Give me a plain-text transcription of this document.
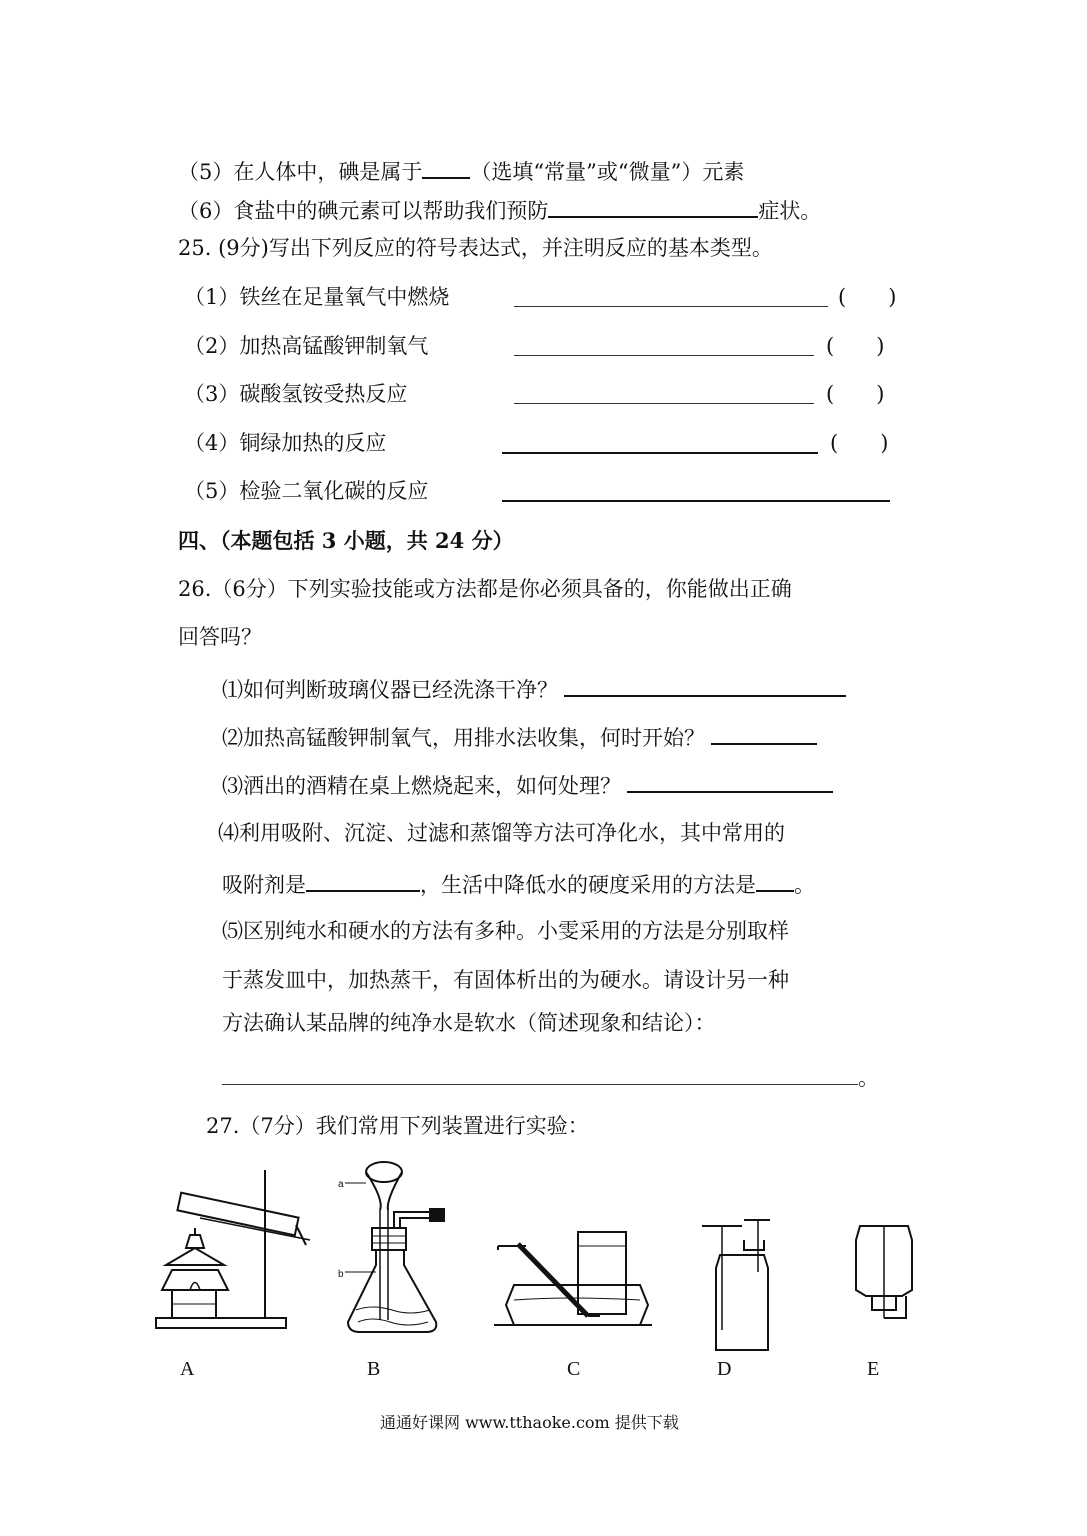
（5）在人体中，碘是属于 （选填“常量”或“微量”）元素
（6）食盐中的碘元素可以帮助我们预防	症状。
25. (9分)写出下列反应的符号表达式，并注明反应的基本类型。
（1）铁丝在足量氧气中燃烧	(　　)
（2）加热高锰酸钾制氧气	(　　)
（3）碳酸氢铵受热反应	(　　)
（4）铜绿加热的反应	(　　)
（5）检验二氧化碳的反应
四、（本题包括 3 小题，共 24 分）
26.（6分）下列实验技能或方法都是你必须具备的，你能做出正确
回答吗？
⑴如何判断玻璃仪器已经洗涤干净？
⑵加热高锰酸钾制氧气，用排水法收集，何时开始？
⑶洒出的酒精在桌上燃烧起来，如何处理？
⑷利用吸附、沉淀、过滤和蒸馏等方法可净化水，其中常用的
吸附剂是	，生活中降低水的硬度采用的方法是 。
⑸区别纯水和硬水的方法有多种。小雯采用的方法是分别取样
于蒸发皿中，加热蒸干，有固体析出的为硬水。请设计另一种
方法确认某品牌的纯净水是软水（简述现象和结论）：
。
27.（7分）我们常用下列装置进行实验：
a
b
A	B	C	D	E
通通好课网 www.tthaoke.com 提供下载
